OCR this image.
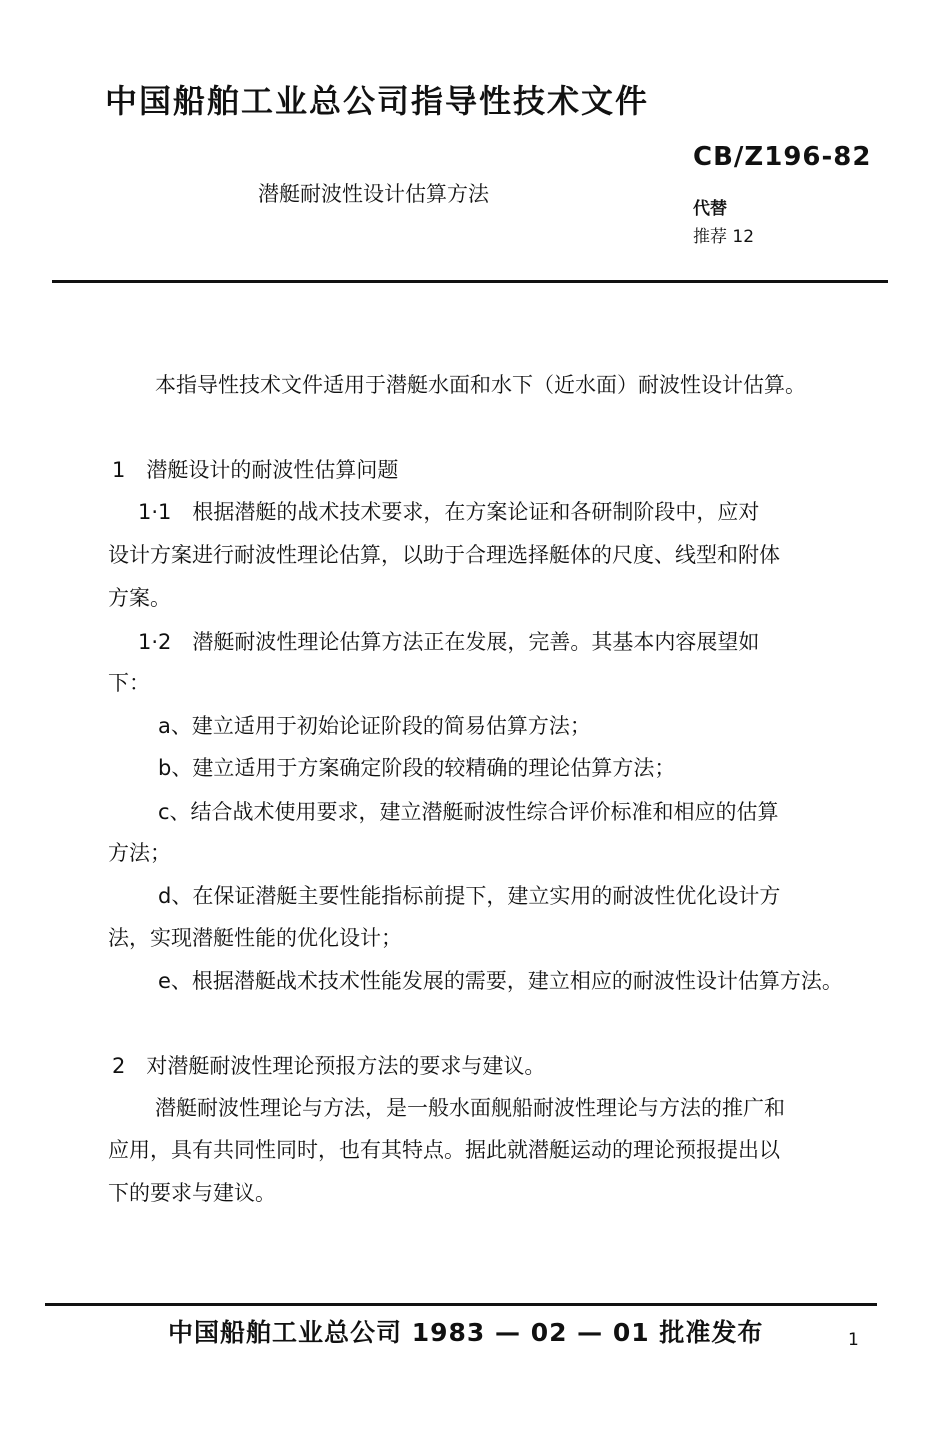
中国船舶工业总公司指导性技术文件
潜艇耐波性设计估算方法
CB/Z196-82
代替
推荐 12
本指导性技术文件适用于潜艇水面和水下（近水面）耐波性设计估算。
1　潜艇设计的耐波性估算问题
1·1　根据潜艇的战术技术要求，在方案论证和各研制阶段中，应对
设计方案进行耐波性理论估算，以助于合理选择艇体的尺度、线型和附体
方案。
1·2　潜艇耐波性理论估算方法正在发展，完善。其基本内容展望如
下：
a、建立适用于初始论证阶段的简易估算方法；
b、建立适用于方案确定阶段的较精确的理论估算方法；
c、结合战术使用要求，建立潜艇耐波性综合评价标准和相应的估算
方法；
d、在保证潜艇主要性能指标前提下，建立实用的耐波性优化设计方
法，实现潜艇性能的优化设计；
e、根据潜艇战术技术性能发展的需要，建立相应的耐波性设计估算方法。
2　对潜艇耐波性理论预报方法的要求与建议。
潜艇耐波性理论与方法，是一般水面舰船耐波性理论与方法的推广和
应用，具有共同性同时，也有其特点。据此就潜艇运动的理论预报提出以
下的要求与建议。
中国船舶工业总公司 1983 — 02 — 01 批准发布	1
